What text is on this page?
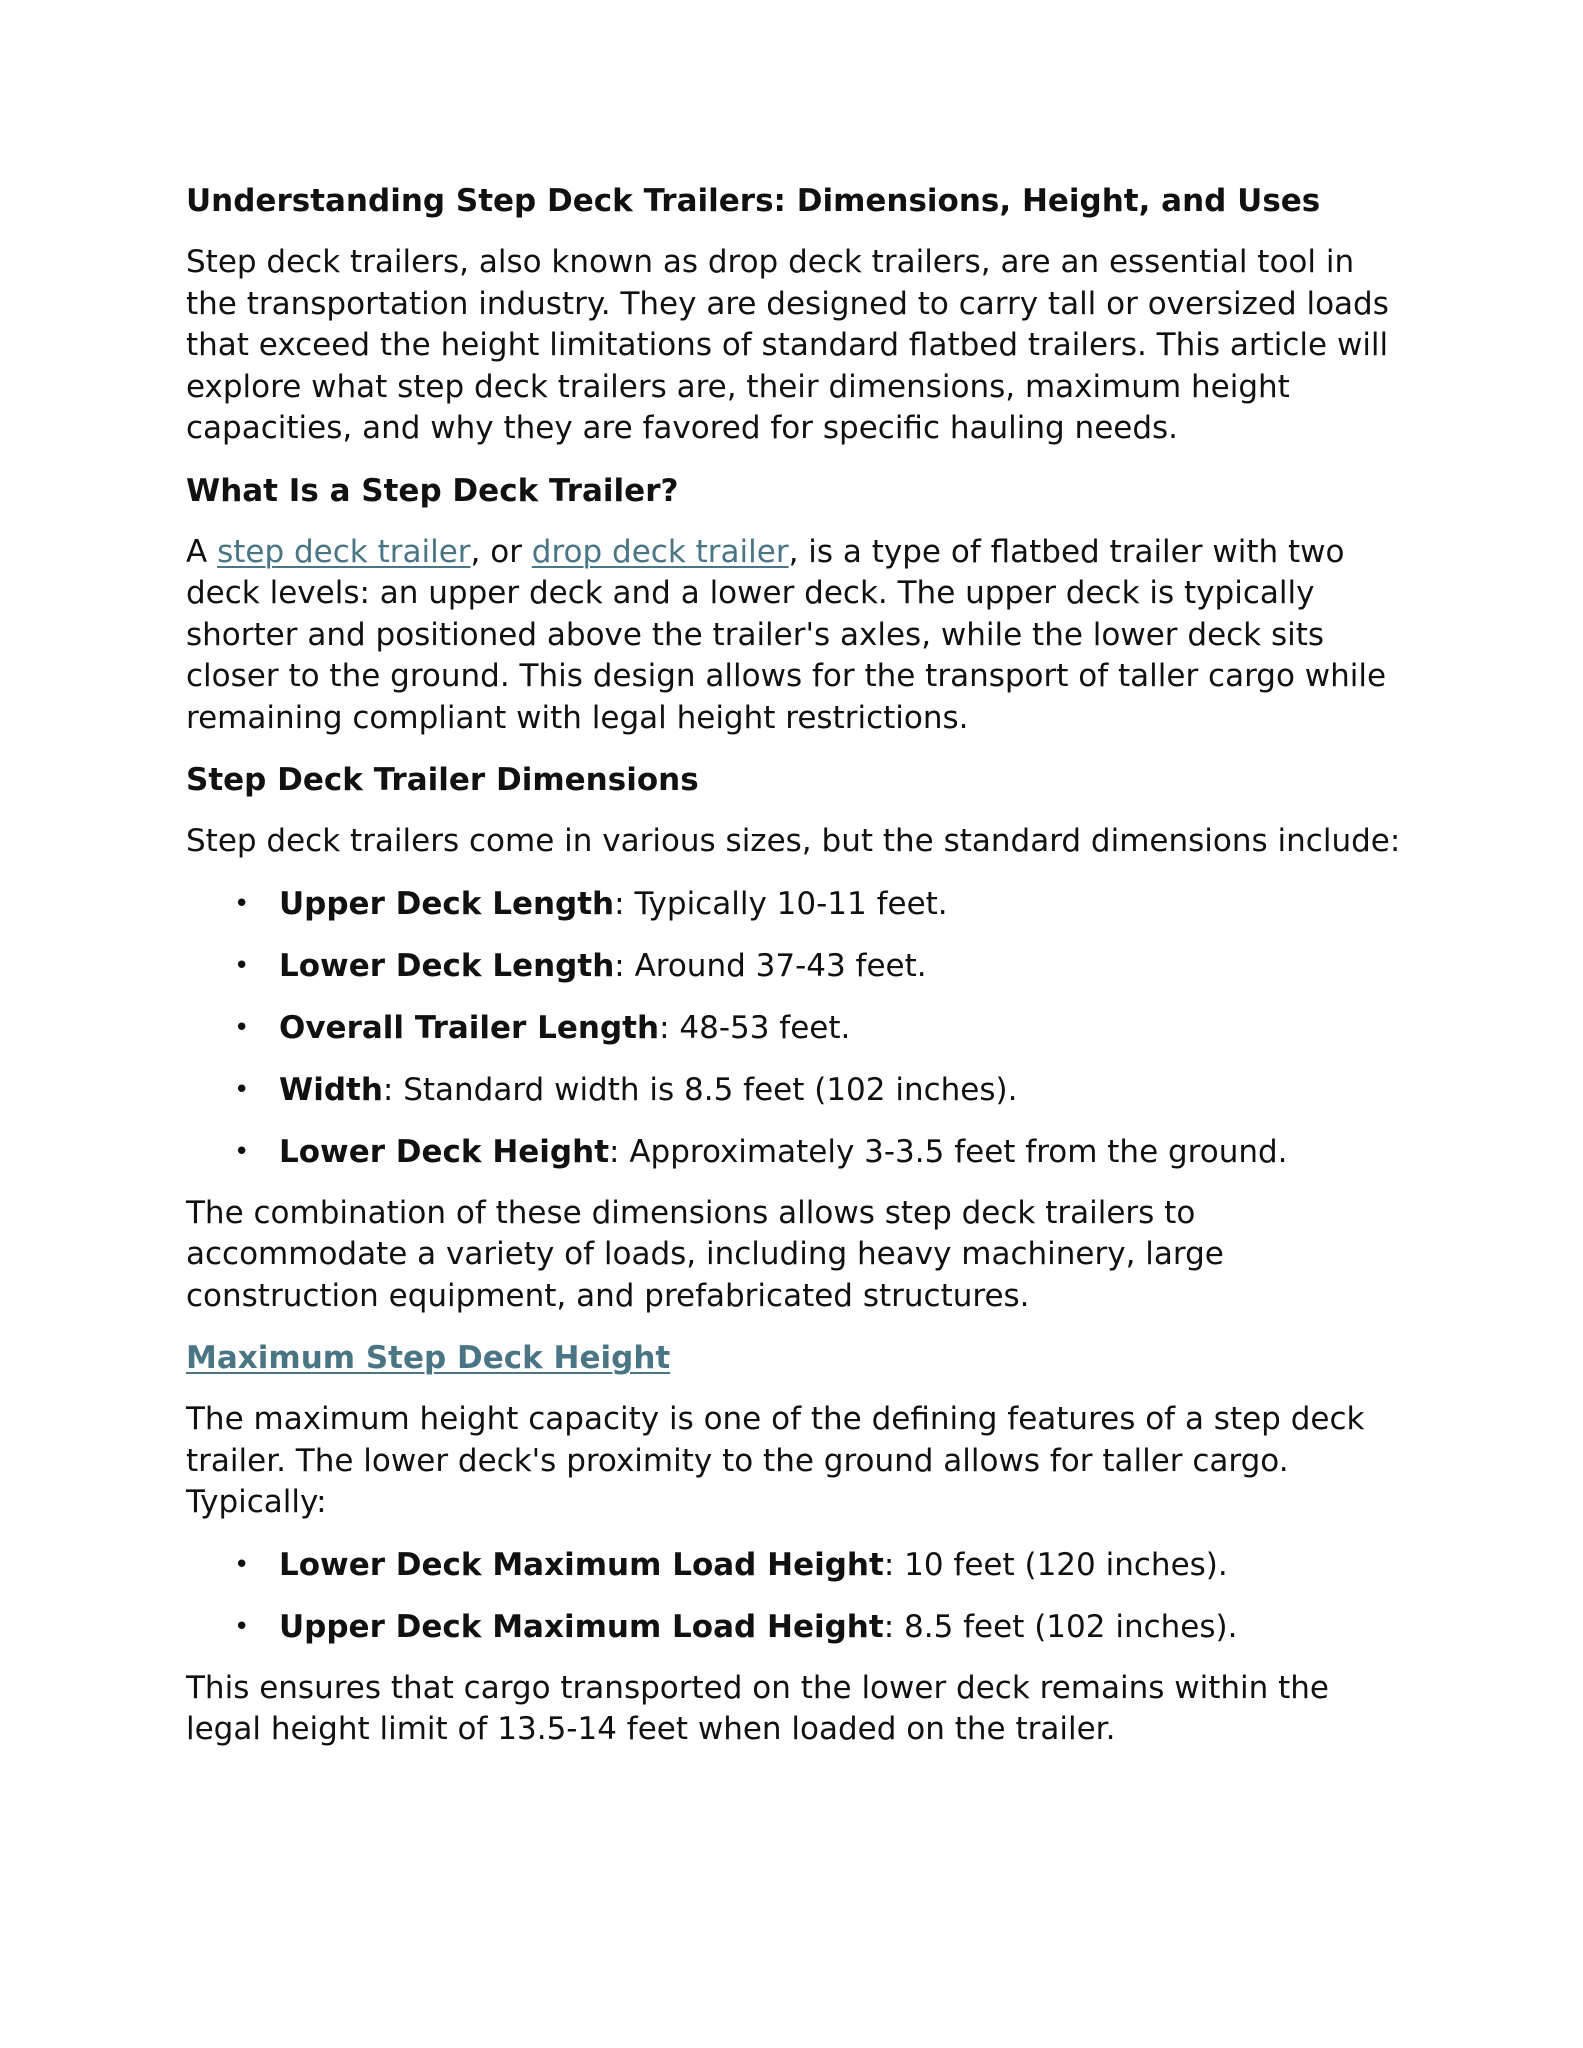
Understanding Step Deck Trailers: Dimensions, Height, and Uses

Step deck trailers, also known as drop deck trailers, are an essential tool in the transportation industry. They are designed to carry tall or oversized loads that exceed the height limitations of standard flatbed trailers. This article will explore what step deck trailers are, their dimensions, maximum height capacities, and why they are favored for specific hauling needs.

What Is a Step Deck Trailer?

A step deck trailer, or drop deck trailer, is a type of flatbed trailer with two deck levels: an upper deck and a lower deck. The upper deck is typically shorter and positioned above the trailer's axles, while the lower deck sits closer to the ground. This design allows for the transport of taller cargo while remaining compliant with legal height restrictions.

Step Deck Trailer Dimensions

Step deck trailers come in various sizes, but the standard dimensions include:

• Upper Deck Length: Typically 10-11 feet.
• Lower Deck Length: Around 37-43 feet.
• Overall Trailer Length: 48-53 feet.
• Width: Standard width is 8.5 feet (102 inches).
• Lower Deck Height: Approximately 3-3.5 feet from the ground.

The combination of these dimensions allows step deck trailers to accommodate a variety of loads, including heavy machinery, large construction equipment, and prefabricated structures.

Maximum Step Deck Height

The maximum height capacity is one of the defining features of a step deck trailer. The lower deck's proximity to the ground allows for taller cargo. Typically:

• Lower Deck Maximum Load Height: 10 feet (120 inches).
• Upper Deck Maximum Load Height: 8.5 feet (102 inches).

This ensures that cargo transported on the lower deck remains within the legal height limit of 13.5-14 feet when loaded on the trailer.
